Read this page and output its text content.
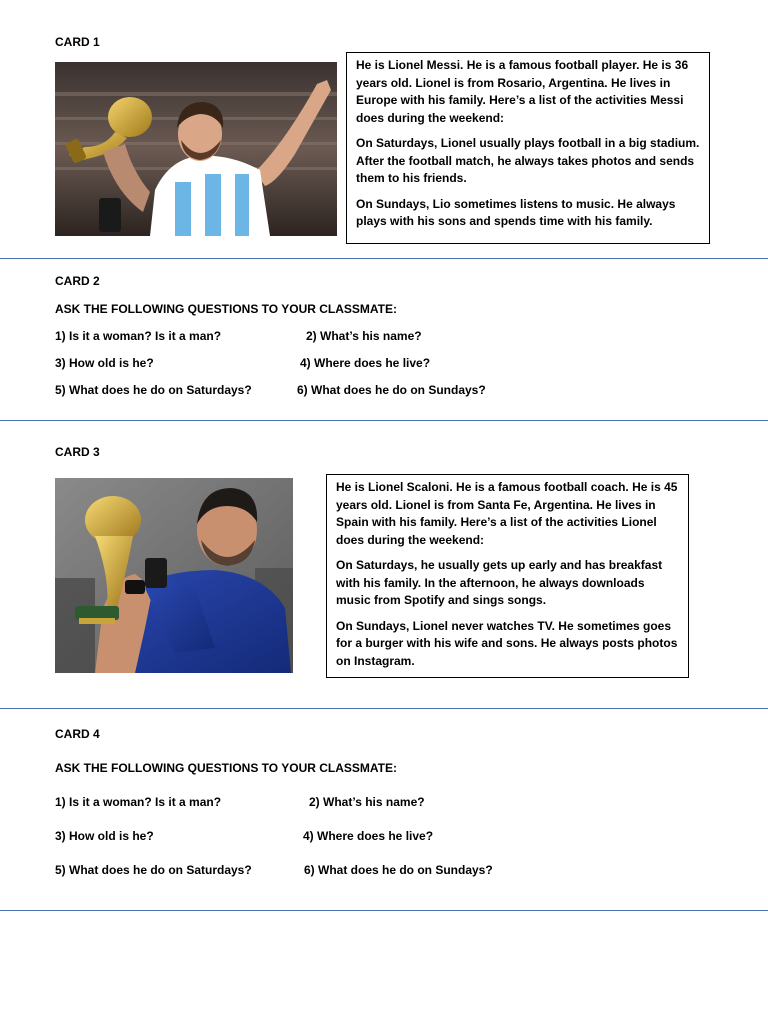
CARD 1

He is Lionel Messi. He is a famous football player. He is 36 years old. Lionel is from Rosario, Argentina. He lives in Europe with his family. Here’s a list of the activities Messi does during the weekend:

On Saturdays, Lionel usually plays football in a big stadium. After the football match, he always takes photos and sends them to his friends.

On Sundays, Lio sometimes listens to music. He always plays with his sons and spends time with his family.

CARD 2
ASK THE FOLLOWING QUESTIONS TO YOUR CLASSMATE:
1) Is it a woman? Is it a man?	2) What’s his name?
3) How old is he?	4) Where does he live?
5) What does he do on Saturdays?	6) What does he do on Sundays?
CARD 3

He is Lionel Scaloni. He is a famous football coach. He is 45 years old. Lionel is from Santa Fe, Argentina. He lives in Spain with his family. Here’s a list of the activities Lionel does during the weekend:

On Saturdays, he usually gets up early and has breakfast with his family. In the afternoon, he always downloads music from Spotify and sings songs.

On Sundays, Lionel never watches TV. He sometimes goes for a burger with his wife and sons. He always posts photos on Instagram.

CARD 4
ASK THE FOLLOWING QUESTIONS TO YOUR CLASSMATE:
1) Is it a woman? Is it a man?	2) What’s his name?
3) How old is he?	4) Where does he live?
5) What does he do on Saturdays?	6) What does he do on Sundays?
